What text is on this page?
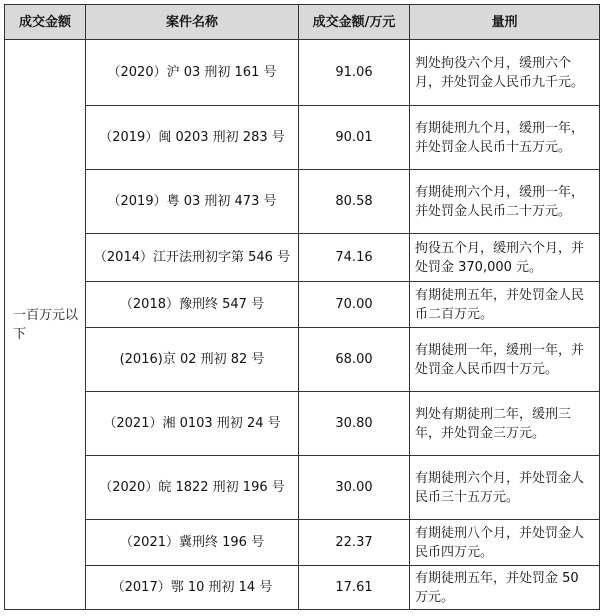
成交金额	案件名称	成交金额/万元	量刑
一百万元以下	（2020）沪 03 刑初 161 号	91.06	判处拘役六个月，缓刑六个月，并处罚金人民币九千元。
	（2019）闽 0203 刑初 283 号	90.01	有期徒刑九个月，缓刑一年，并处罚金人民币十五万元。
	（2019）粤 03 刑初 473 号	80.58	有期徒刑六个月，缓刑一年，并处罚金人民币二十万元。
	（2014）江开法刑初字第 546 号	74.16	拘役五个月，缓刑六个月，并处罚金 370,000 元。
	（2018）豫刑终 547 号	70.00	有期徒刑五年，并处罚金人民币二百万元。
	(2016)京 02 刑初 82 号	68.00	有期徒刑一年，缓刑一年，并处罚金人民币四十万元。
	（2021）湘 0103 刑初 24 号	30.80	判处有期徒刑二年，缓刑三年，并处罚金三万元。
	（2020）皖 1822 刑初 196 号	30.00	有期徒刑六个月，并处罚金人民币三十五万元。
	（2021）冀刑终 196 号	22.37	有期徒刑八个月，并处罚金人民币四万元。
	（2017）鄂 10 刑初 14 号	17.61	有期徒刑五年，并处罚金 50 万元。
